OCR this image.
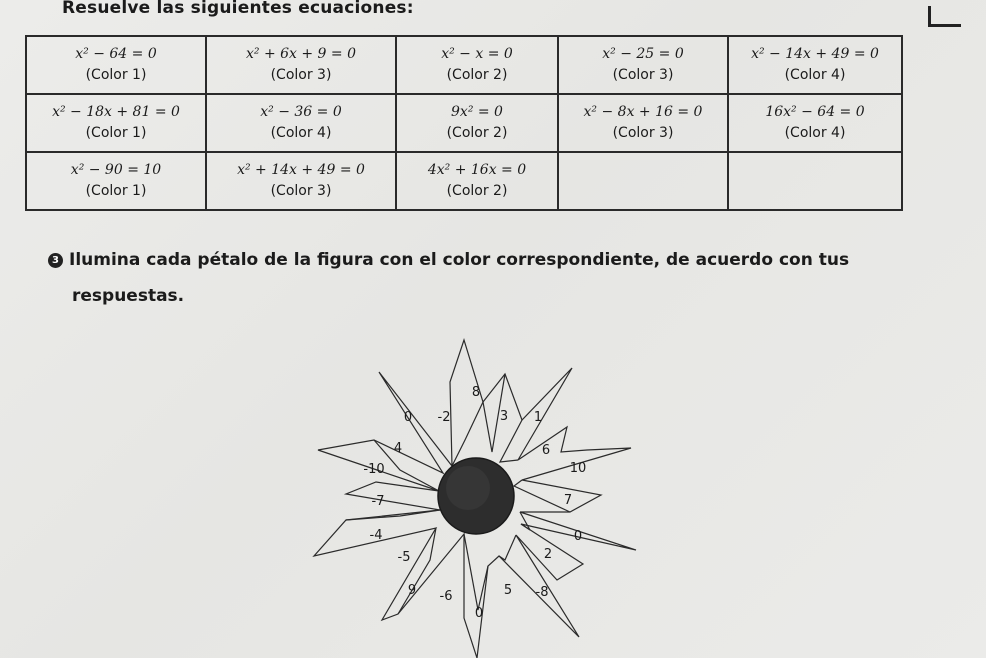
Resuelve las siguientes ecuaciones:
x² − 64 = 0
(Color 1)	x² + 6x + 9 = 0
(Color 3)	x² − x = 0
(Color 2)	x² − 25 = 0
(Color 3)	x² − 14x + 49 = 0
(Color 4)

x² − 18x + 81 = 0
(Color 1)	x² − 36 = 0
(Color 4)	9x² = 0
(Color 2)	x² − 8x + 16 = 0
(Color 3)	16x² − 64 = 0
(Color 4)

x² − 90 = 10
(Color 1)	x² + 14x + 49 = 0
(Color 3)	4x² + 16x = 0
(Color 2)		

3 Ilumina cada pétalo de la figura con el color correspondiente, de acuerdo con tus
respuestas.
8
0 -2	3 1
4	6
-10	10
-7	7
-4	0
-5	2
9 -6	5 -8
0
